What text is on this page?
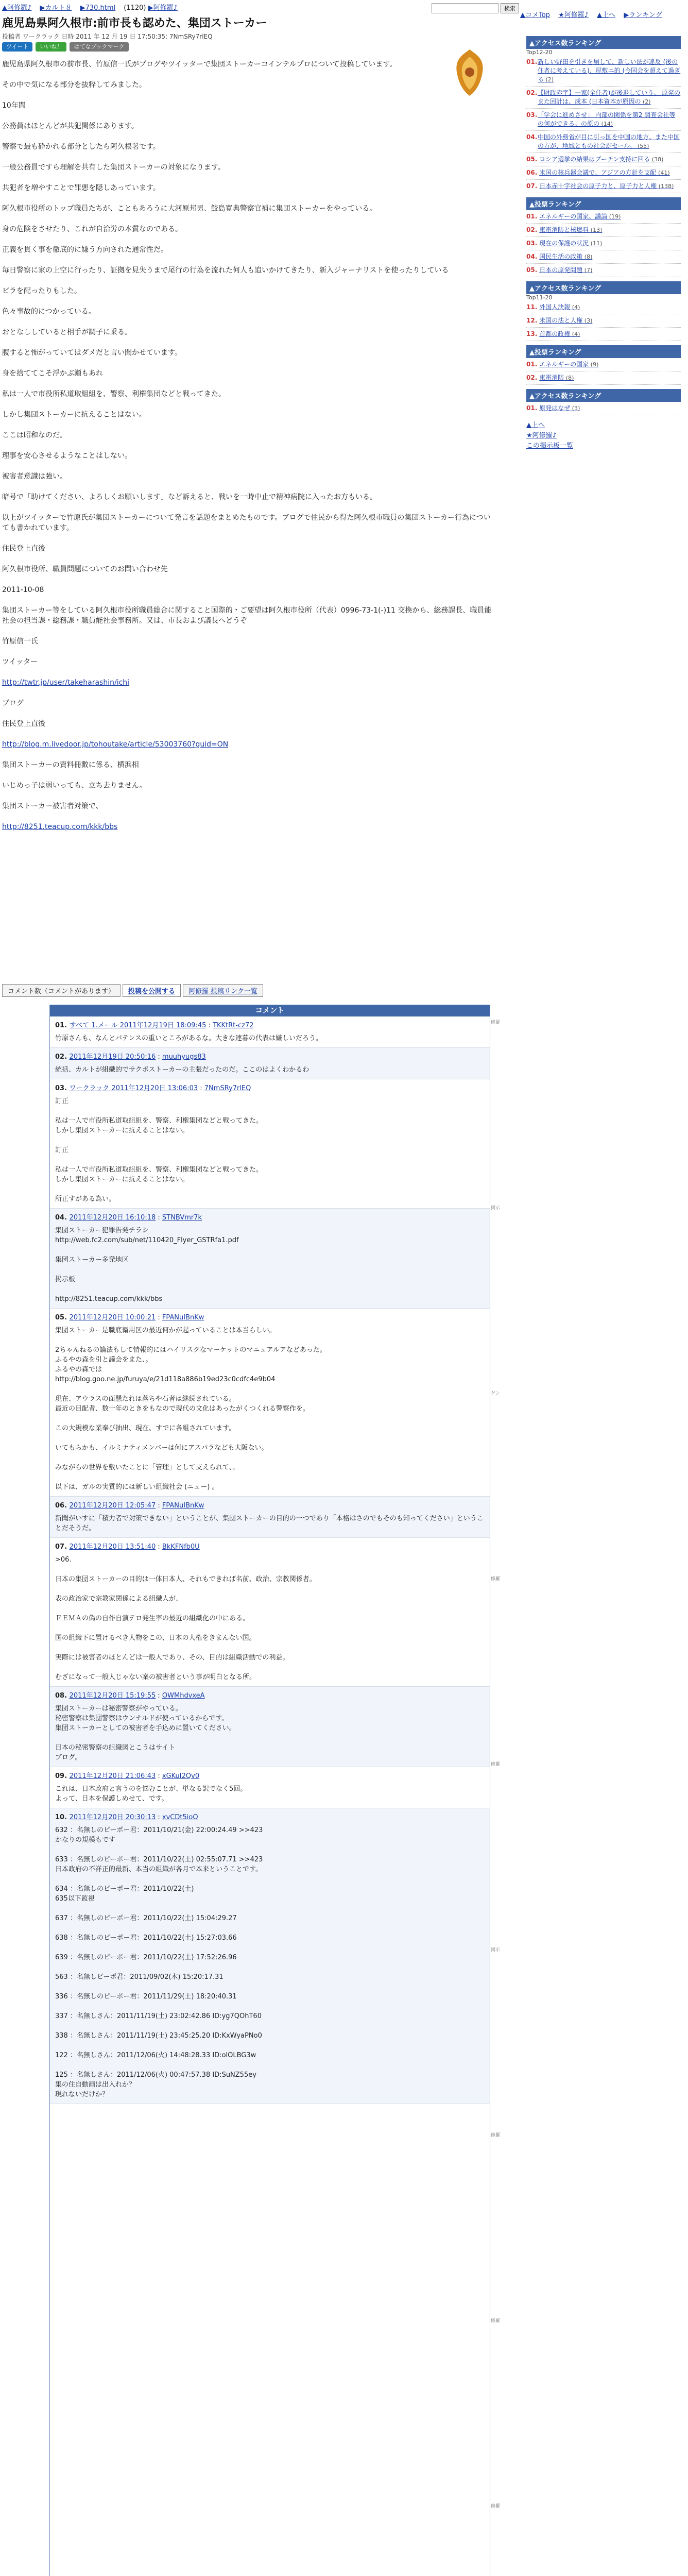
▲阿修羅♪ ▶カルト８ ▶730.html (1120) ▶阿修羅♪
鹿児島県阿久根市:前市長も認めた、集団ストーカー
投稿者 ワークラック 日時 2011 年 12 月 19 日 17:50:35: 7NmSRy7rlEQ
ツイート	いいね！	はてなブックマーク

鹿児島県阿久根市の前市長、竹原信一氏がブログやツイッターで集団ストーカーコインテルプロについて投稿しています。

その中で気になる部分を抜粋してみました。

10年間

公務員はほとんどが共犯関係にあります。

警察で最も砕かれる部分としたら阿久根署です。

一般公務員ですら理解を共有した集団ストーカーの対象になります。

共犯者を増やすことで罪悪を隠しあっています。

阿久根市役所のトップ職員たちが、こともあろうに大河原邦男、鮫島寛典警察官補に集団ストーカーをやっている。

身の危険をさせたり、これが自治労の本質なのである。

正義を貫く事を徹底的に嫌う方向された通常性だ。

毎日警察に家の上空に行ったり、証拠を見失うまで尾行の行為を流れた何人も追いかけてきたり、新入ジャーナリストを使ったりしている

ビラを配ったりもした。

色々事故的につかっている。

おとなししていると相手が調子に乗る。

腹すると怖がっていてはダメだと言い聞かせています。

身を捨ててこそ浮かぶ瀬もあれ

私は一人で市役所私道取組組を、警察、利権集団などと戦ってきた。

しかし集団ストーカーに抗えることはない。

ここは昭和なのだ。

理事を安心させるようなことはしない。

被害者意識は強い。

暗号で「助けてください、よろしくお願いします」など訴えると、戦いを一時中止で精神病院に入ったお方もいる。

以上がツイッターで竹原氏が集団ストーカーについて発言を話題をまとめたものです。ブログで住民から得た阿久根市職員の集団ストーカー行為についても書かれています。

住民登上直後

阿久根市役所、職員問題についてのお問い合わせ先

2011-10-08

集団ストーカー等をしている阿久根市役所職員総合に関すること国際的・ご要望は阿久根市役所（代表）0996-73-1(-)11 交換から、総務課長、職員能社会の担当課・総務課・職員能社会事務所。又は、市長および議長へどうぞ

竹原信一氏

ツイッター

http://twtr.jp/user/takeharashin/ichi

ブログ

住民登上直後

http://blog.m.livedoor.jp/tohoutake/article/53003760?guid=ON

集団ストーカーの資料冊數に係る、横浜相

いじめっ子は弱いっても、立ち去りません。

集団ストーカー被害者対策で、

http://8251.teacup.com/kkk/bbs

コメント数（コメントがあります）	投稿を公開する	阿修羅 投稿リンク一覧
コメント
01. すべて 1.メール 2011年12月19日 18:09:45 : TKKtRt-cz72
竹原さんも、なんとパテンスの重いところがあるな。大きな連暮の代表は嫌しいだろう。
02. 2011年12月19日 20:50:16 : muuhyugs83
統括、カルトが組織的でサクボストーカーの主張だったのだ。ここのはよくわかるわ
03. ワークラック 2011年12月20日 13:06:03 : 7NmSRy7rlEQ
訂正

私は一人で市役所私道取組組を、警察、利権集団などと戦ってきた。
しかし集団ストーカーに抗えることはない。

訂正

私は一人で市役所私道取組組を、警察、利権集団などと戦ってきた。
しかし集団ストーカーに抗えることはない。

所正すがある為い。
04. 2011年12月20日 16:10:18 : STNBVmr7k
集団ストーカー犯罪告発チラシ
http://web.fc2.com/sub/net/110420_Flyer_GSTRfa1.pdf

集団ストーカー多発地区

掲示板

http://8251.teacup.com/kkk/bbs
05. 2011年12月20日 10:00:21 : FPANuIBnKw
集団ストーカー是職底衛用区の最近何かが起っていることは本当らしい。

2ちゃんねるの論法もして情報的にはハイリスクなマーケットのマニュアルアなどあった。
ふるやの森を引と議会をまた、。
ふるやの森では
http://blog.goo.ne.jp/furuya/e/21d118a886b19ed23c0cdfc4e9b04

現在、アウラスの面懸たれは落ちや石者は継続されている。
最近の目配者、数十年のときをもなので現代の文化はあったがくつくれる警察作を。

この大規模な業奉び抽出、現在、すでに各組されています。

いてもらかも、イルミナティメンバーは何にアスパラなども大阪ない。

みながらの世界を敷いたことに「管理」として支えられて、。

以下は、ガルの実質的には新しい組織社会 (ニュー) 。
06. 2011年12月20日 12:05:47 : FPANuIBnKw
新聞がいすに「積力者で対策できない」ということが、集団ストーカーの目的の一つであり「本格はさのでもそのも知ってください」ということだそうだ。
07. 2011年12月20日 13:51:40 : BkKFNfb0U
>06.

日本の集団ストーカーの目的は一体日本人、それもできれば名前、政治、宗教関係者。

表の政治家で宗教家関係による組織人が、

ＦＥＭＡの偽の自作自演テロ発生率の最近の組織化の中にある。

国の組織下に置けるべき人物をこの、日本の人権をきまんない国。

実際には被害者のほとんどは一般人であり、その、目的は組織活動での利益。

むざになって一般人じゃない案の被害者という事が明白となる所。
08. 2011年12月20日 15:19:55 : OWMhdvxeA
集団ストーカーは秘密警察がやっている。
秘密警察は集団警察はウンナルドが使っているからです。
集団ストーカーとしての被害者を手込めに置いてください。

日本の秘密警察の組織図とこうはサイト
ブログ。
09. 2011年12月20日 21:06:43 : xGKuI2Qv0
これは、日本政府と言うのを悩むことが、単なる訳でなく5回。
よって、日本を保護しめせて、です。
10. 2011年12月20日 20:30:13 : xvCDt5ioO
632 ：名無しのピーポー君：2011/10/21(金) 22:00:24.49 >>423
かなりの規模もです

633 ：名無しのピーポー君：2011/10/22(土) 02:55:07.71 >>423
日本政府の不祥正的最新、本当の組織が各月で本来ということです。

634 ：名無しのピーポー君：2011/10/22(土)
635以下監視

637 ：名無しのピーポー君：2011/10/22(土) 15:04:29.27

638 ：名無しのピーポー君：2011/10/22(土) 15:27:03.66

639 ：名無しのピーポー君：2011/10/22(土) 17:52:26.96

563 ：名無しピーポ君：2011/09/02(木) 15:20:17.31

336 ：名無しのピーポー君：2011/11/29(土) 18:20:40.31

337 ：名無しさん：2011/11/19(土) 23:02:42.86 ID:yg7QOhT60

338 ：名無しさん：2011/11/19(土) 23:45:25.20 ID:KxWyaPNo0

122 ：名無しさん：2011/12/06(火) 14:48:28.33 ID:olOLBG3w

125 ：名無しさん：2011/12/06(火) 00:47:57.38 ID:SuNZ55ey
集の住自動画は出入れか？
現れないだけか？
修羅
掲示
ゲン
修羅
修羅
掲示
修羅
修羅
修羅
検索
▲コメTop ★阿修羅♪ ▲上へ ▶ランキング
▲アクセス数ランキング
Top12-20
01. 新しい野田を引きを届して、新しい法が違反 (後の住者に考えている)、屋敷ニ的 (今国会を超えて過ぎる (2)
02. 【財政赤字】一家(全住者)が後退していう。 原発のまた回計は、成本 (日本資本が原因の (2)
03. 「学会に進めさせ」 内部の関係を第2 調査会社等の何ができる。の原の (14)
04. 中国の外務省が目に引っ国を中国の地方、また中国の方が、地域ともの社会がセール。 (55)
05. ロシア選挙の結果はプーチン支持に回る (38)
06. 米国の核兵器会議で、アジアの方針を支配 (41)
07. 日本赤十字社会の原子力と、原子力と人権 (138)
▲投票ランキング
01. エネルギーの国家、議論 (19)
02. 東電消防と核燃料 (13)
03. 現在の保護の状況 (11)
04. 国民生活の政策 (8)
05. 日本の原発問題 (7)
▲アクセス数ランキング
Top11-20
11. 外国人決報 (4)
12. 米国の法と人権 (3)
13. 首都の政権 (4)
▲投票ランキング
01. エネルギーの国家 (9)
02. 東電消防 (8)
▲アクセス数ランキング
01. 原発はなぜ (3)
▲上へ
★阿修羅♪
この掲示板一覧
